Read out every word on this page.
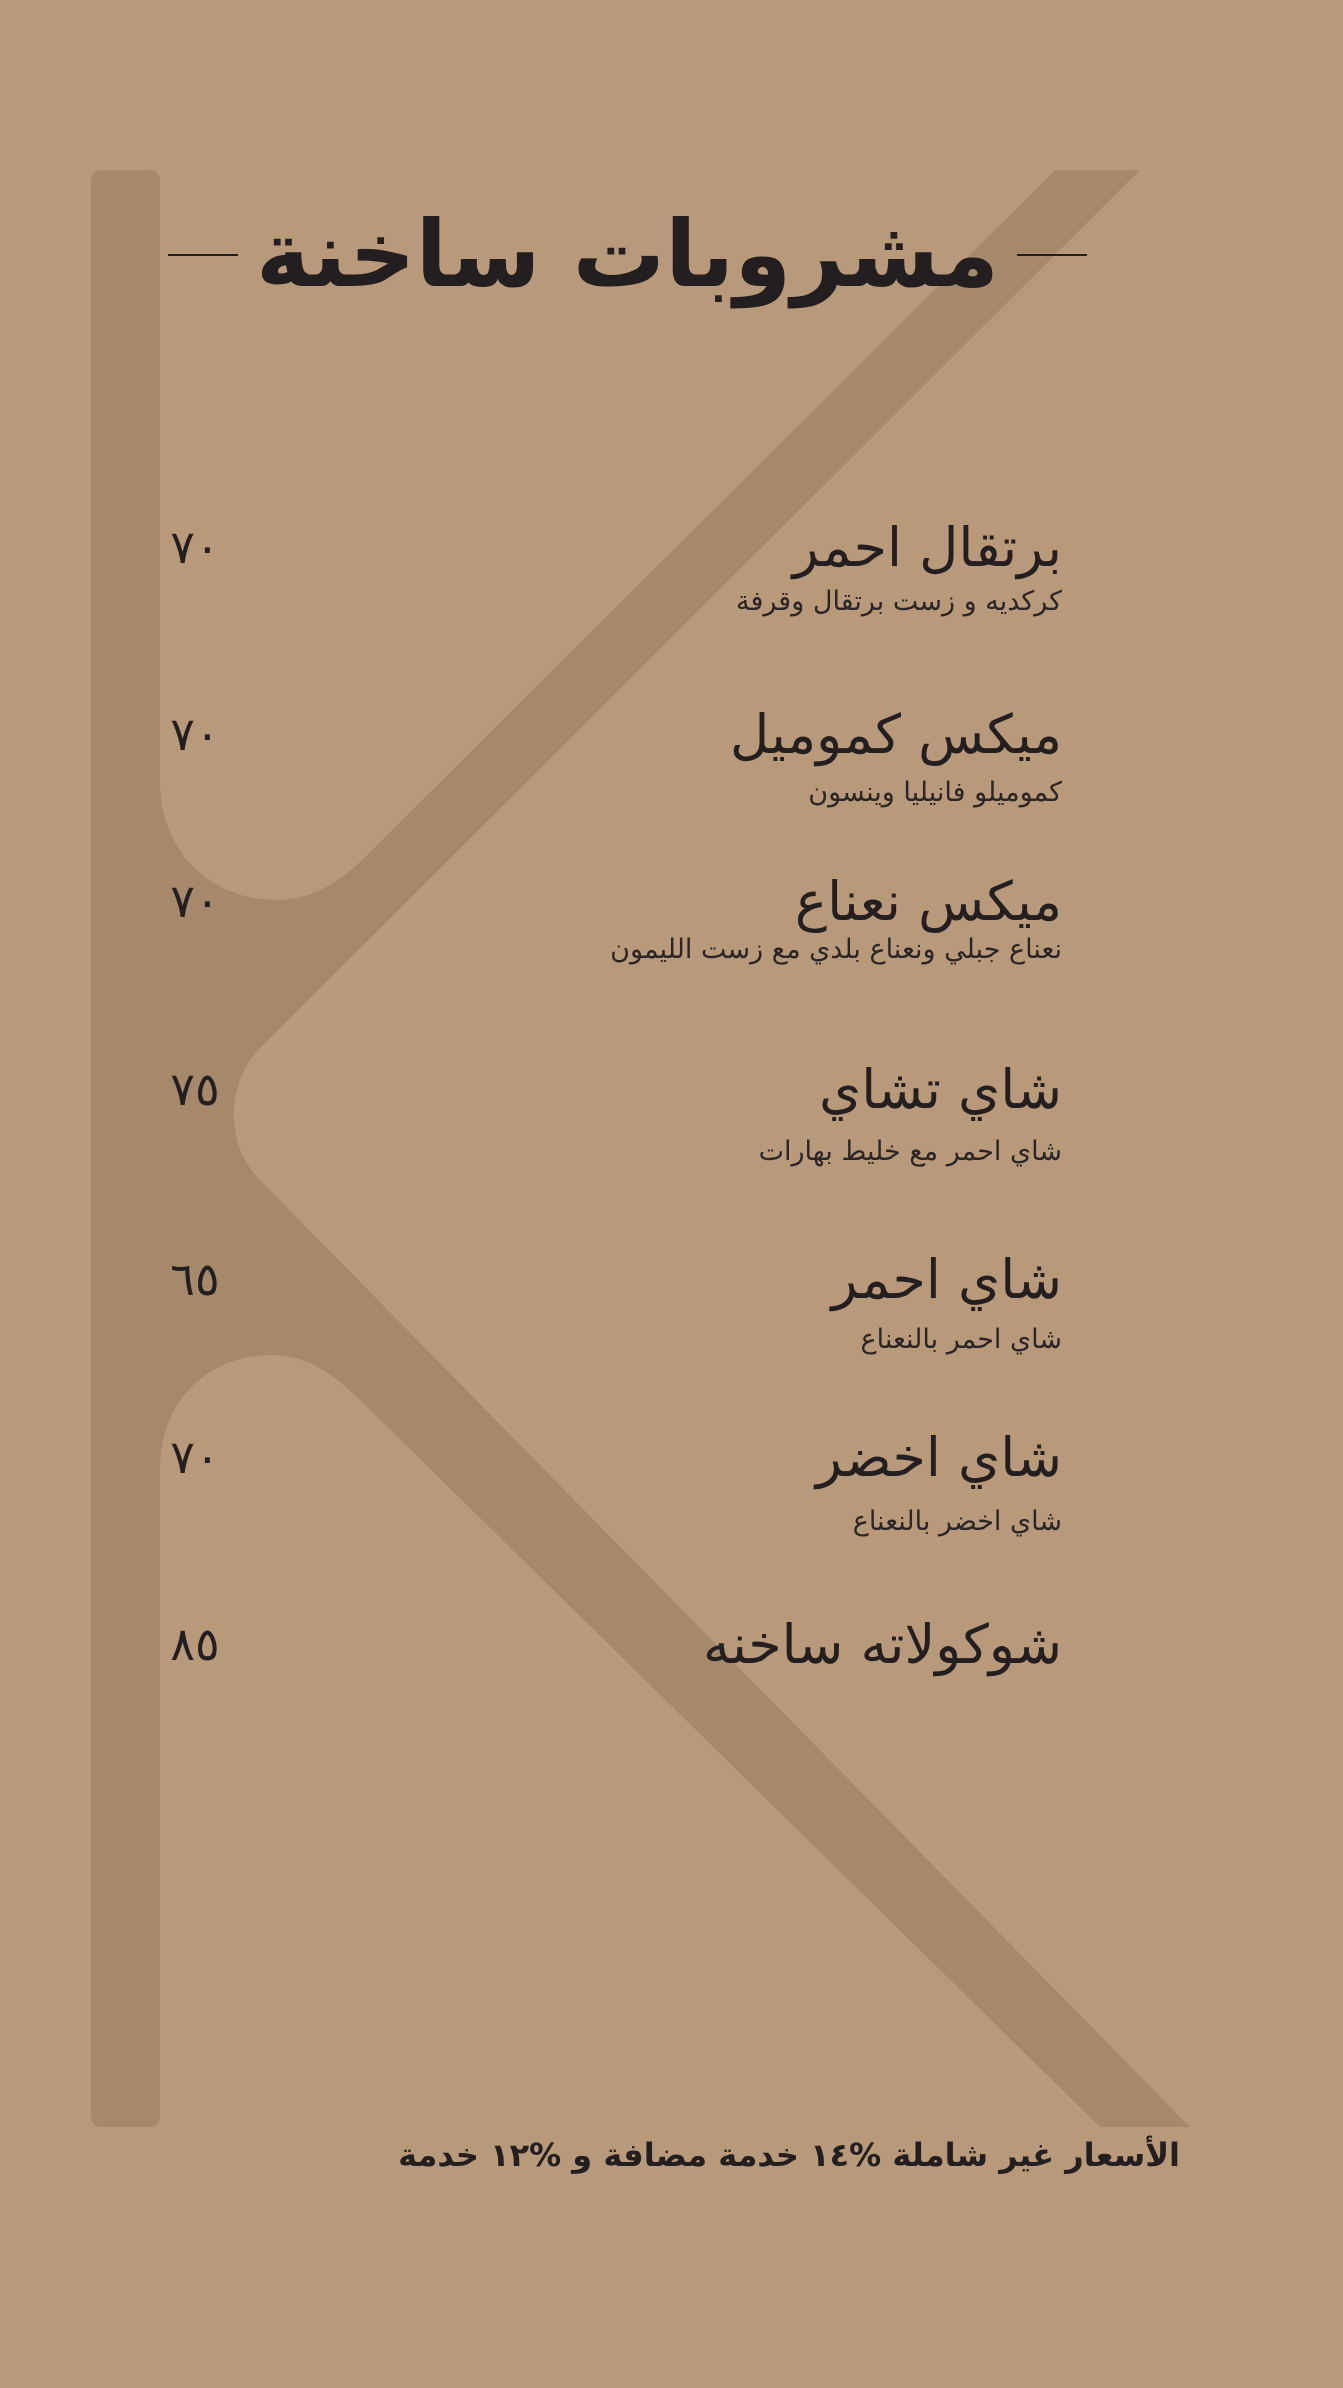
مشروبات ساخنة
برتقال احمر
كركديه و زست برتقال وقرفة
٧٠
ميكس كموميل
كموميلو فانيليا وينسون
٧٠
ميكس نعناع
نعناع جبلي ونعناع بلدي مع زست الليمون
٧٠
شاي تشاي
شاي احمر مع خليط بهارات
٧٥
شاي احمر
شاي احمر بالنعناع
٦٥
شاي اخضر
شاي اخضر بالنعناع
٧٠
شوكولاته ساخنه
٨٥
الأسعار غير شاملة %١٤ خدمة مضافة و %١٢ خدمة
